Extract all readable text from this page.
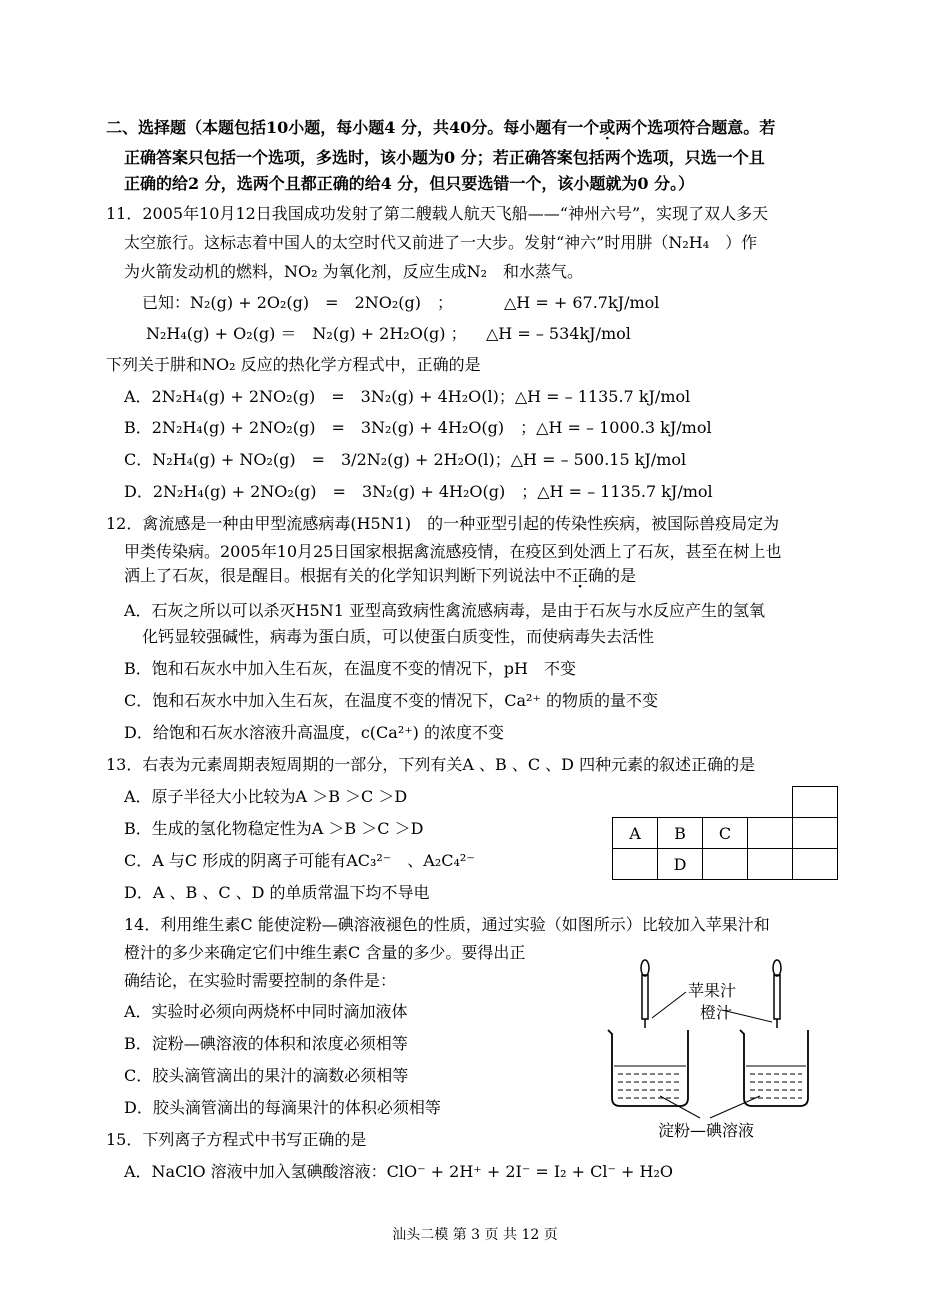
二、选择题（本题包括10小题，每小题4 分，共40分。每小题有一个或两个 ·选项符合题意。若
正确答案只包括一个选项，多选时，该小题为0 分；若正确答案包括两个选项，只选一个且
正确的给2 分，选两个且都正确的给4 分，但只要选错一个，该小题就为0 分。）
11．2005年10月12日我国成功发射了第二艘载人航天飞船——“神州六号”，实现了双人多天
太空旅行。这标志着中国人的太空时代又前进了一大步。发射“神六”时用肼（N₂H₄　）作
为火箭发动机的燃料，NO₂ 为氧化剂，反应生成N₂　和水蒸气。
已知：N₂(g) + 2O₂(g)　=　2NO₂(g)　；	△H = + 67.7kJ/mol
N₂H₄(g) + O₂(g) ＝　N₂(g) + 2H₂O(g) ； △H = – 534kJ/mol
下列关于肼和NO₂ 反应的热化学方程式中，正确的是
A．2N₂H₄(g) + 2NO₂(g)　=　3N₂(g) + 4H₂O(l)；△H = – 1135.7 kJ/mol
B．2N₂H₄(g) + 2NO₂(g)　=　3N₂(g) + 4H₂O(g)　；△H = – 1000.3 kJ/mol
C．N₂H₄(g) + NO₂(g)　=　3/2N₂(g) + 2H₂O(l)；△H = – 500.15 kJ/mol
D．2N₂H₄(g) + 2NO₂(g)　=　3N₂(g) + 4H₂O(g)　；△H = – 1135.7 kJ/mol
12．禽流感是一种由甲型流感病毒(H5N1)　的一种亚型引起的传染性疾病，被国际兽疫局定为
甲类传染病。2005年10月25日国家根据禽流感疫情，在疫区到处洒上了石灰，甚至在树上也
洒上了石灰，很是醒目。根据有关的化学知识判断下列说法中不正确的是
A．石灰之所以可以杀灭H5N1 亚型高致病性禽流感病毒，是由于石灰与水反应产生的氢氧
化钙显较强碱性，病毒为蛋白质，可以使蛋白质变性，而使病毒失去活性
B．饱和石灰水中加入生石灰，在温度不变的情况下，pH　不变
C．饱和石灰水中加入生石灰，在温度不变的情况下，Ca²⁺ 的物质的量不变
D．给饱和石灰水溶液升高温度，c(Ca²⁺) 的浓度不变
13．右表为元素周期表短周期的一部分，下列有关A 、B 、C 、D 四种元素的叙述正确的是
A．原子半径大小比较为A ＞B ＞C ＞D
B．生成的氢化物稳定性为A ＞B ＞C ＞D
C．A 与C 形成的阴离子可能有AC₃²⁻　、A₂C₄²⁻
D．A 、B 、C 、D 的单质常温下均不导电

A	B	C		
	D			
14．利用维生素C 能使淀粉—碘溶液褪色的性质，通过实验（如图所示）比较加入苹果汁和
橙汁的多少来确定它们中维生素C 含量的多少。要得出正
确结论，在实验时需要控制的条件是：
A．实验时必须向两烧杯中同时滴加液体
B．淀粉—碘溶液的体积和浓度必须相等
C．胶头滴管滴出的果汁的滴数必须相等
D．胶头滴管滴出的每滴果汁的体积必须相等
苹果汁
橙汁
淀粉—碘溶液
15．下列离子方程式中书写正确的是
A．NaClO 溶液中加入氢碘酸溶液：ClO⁻ + 2H⁺ + 2I⁻ = I₂ + Cl⁻ + H₂O
汕头二模 第 3 页 共 12 页
